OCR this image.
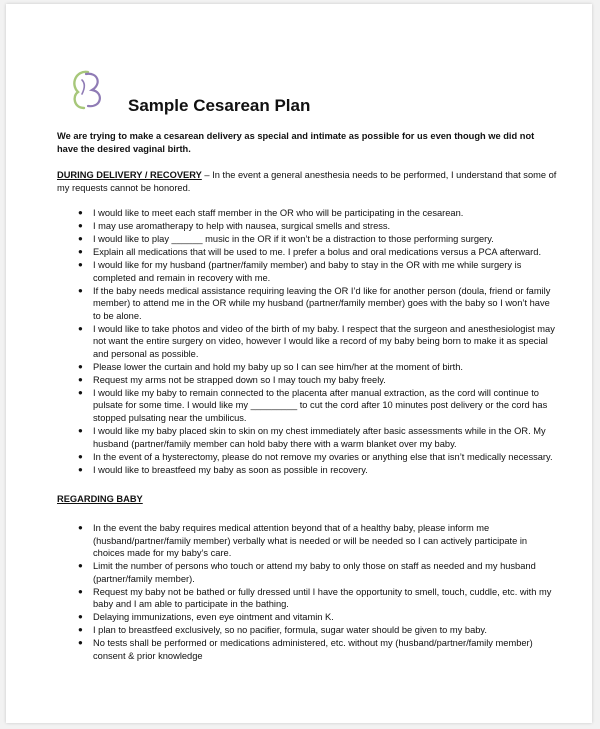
Sample Cesarean Plan
We are trying to make a cesarean delivery as special and intimate as possible for us even though we did not have the desired vaginal birth.
DURING DELIVERY / RECOVERY – In the event a general anesthesia needs to be performed, I understand that some of my requests cannot be honored.
● I would like to meet each staff member in the OR who will be participating in the cesarean.
● I may use aromatherapy to help with nausea, surgical smells and stress.
● I would like to play ______ music in the OR if it won’t be a distraction to those performing surgery.
● Explain all medications that will be used to me. I prefer a bolus and oral medications versus a PCA afterward.
● I would like for my husband (partner/family member) and baby to stay in the OR with me while surgery is completed and remain in recovery with me.
● If the baby needs medical assistance requiring leaving the OR I’d like for another person (doula, friend or family member) to attend me in the OR while my husband (partner/family member) goes with the baby so I won’t have to be alone.
● I would like to take photos and video of the birth of my baby. I respect that the surgeon and anesthesiologist may not want the entire surgery on video, however I would like a record of my baby being born to make it as special and personal as possible.
● Please lower the curtain and hold my baby up so I can see him/her at the moment of birth.
● Request my arms not be strapped down so I may touch my baby freely.
● I would like my baby to remain connected to the placenta after manual extraction, as the cord will continue to pulsate for some time. I would like my _________ to cut the cord after 10 minutes post delivery or the cord has stopped pulsating near the umbilicus.
● I would like my baby placed skin to skin on my chest immediately after basic assessments while in the OR. My husband (partner/family member can hold baby there with a warm blanket over my baby.
● In the event of a hysterectomy, please do not remove my ovaries or anything else that isn’t medically necessary.
● I would like to breastfeed my baby as soon as possible in recovery.
REGARDING BABY
● In the event the baby requires medical attention beyond that of a healthy baby, please inform me (husband/partner/family member) verbally what is needed or will be needed so I can actively participate in choices made for my baby’s care.
● Limit the number of persons who touch or attend my baby to only those on staff as needed and my husband (partner/family member).
● Request my baby not be bathed or fully dressed until I have the opportunity to smell, touch, cuddle, etc. with my baby and I am able to participate in the bathing.
● Delaying immunizations, even eye ointment and vitamin K.
● I plan to breastfeed exclusively, so no pacifier, formula, sugar water should be given to my baby.
● No tests shall be performed or medications administered, etc. without my (husband/partner/family member) consent & prior knowledge
